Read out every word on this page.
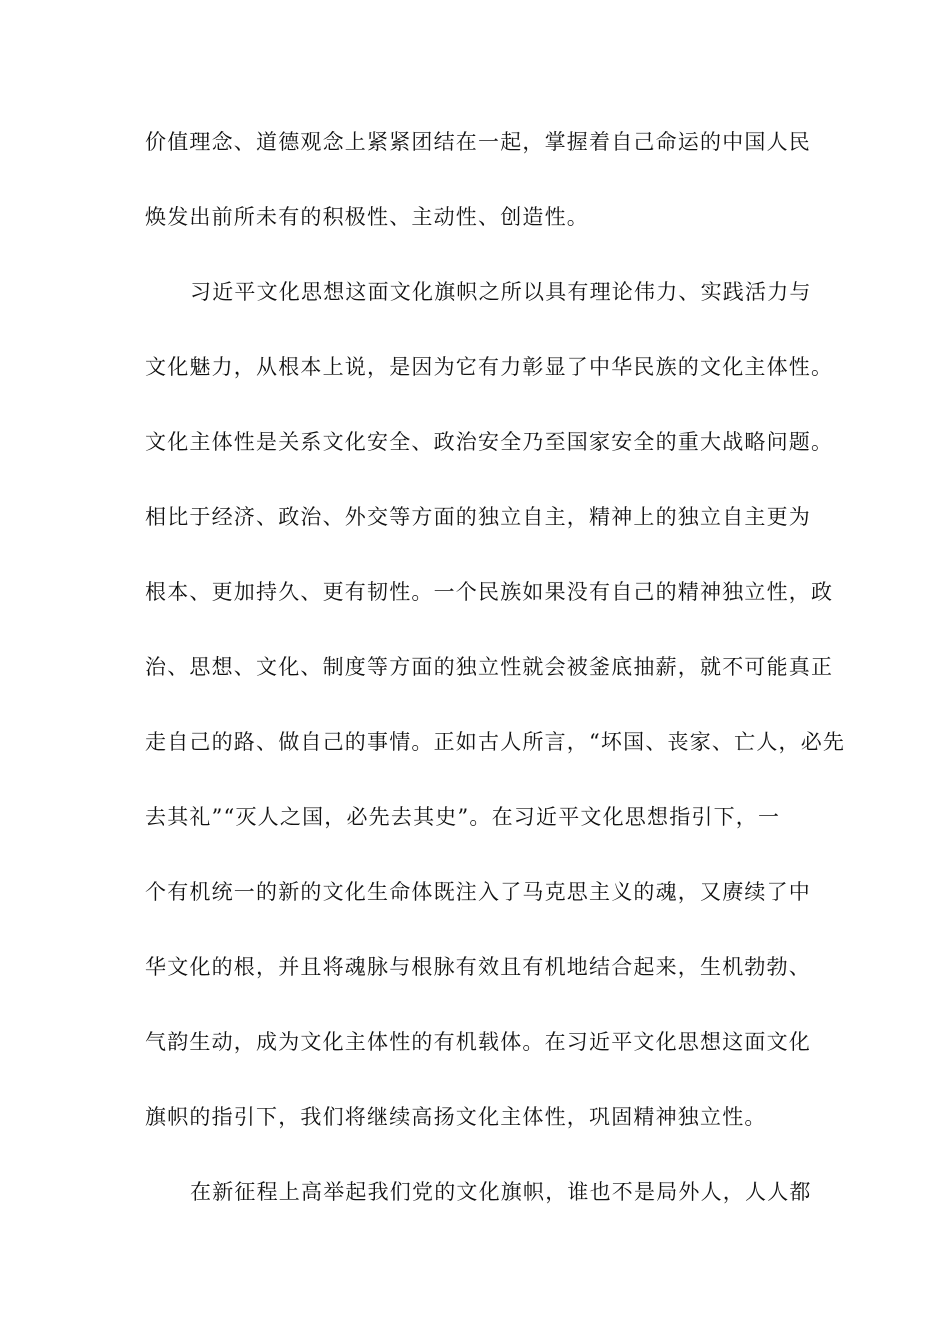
价值理念、道德观念上紧紧团结在一起，掌握着自己命运的中国人民
焕发出前所未有的积极性、主动性、创造性。
习近平文化思想这面文化旗帜之所以具有理论伟力、实践活力与
文化魅力，从根本上说，是因为它有力彰显了中华民族的文化主体性。
文化主体性是关系文化安全、政治安全乃至国家安全的重大战略问题。
相比于经济、政治、外交等方面的独立自主，精神上的独立自主更为
根本、更加持久、更有韧性。一个民族如果没有自己的精神独立性，政
治、思想、文化、制度等方面的独立性就会被釜底抽薪，就不可能真正
走自己的路、做自己的事情。正如古人所言，“坏国、丧家、亡人，必先
去其礼”“灭人之国，必先去其史”。在习近平文化思想指引下，一
个有机统一的新的文化生命体既注入了马克思主义的魂，又赓续了中
华文化的根，并且将魂脉与根脉有效且有机地结合起来，生机勃勃、
气韵生动，成为文化主体性的有机载体。在习近平文化思想这面文化
旗帜的指引下，我们将继续高扬文化主体性，巩固精神独立性。
在新征程上高举起我们党的文化旗帜，谁也不是局外人，人人都
